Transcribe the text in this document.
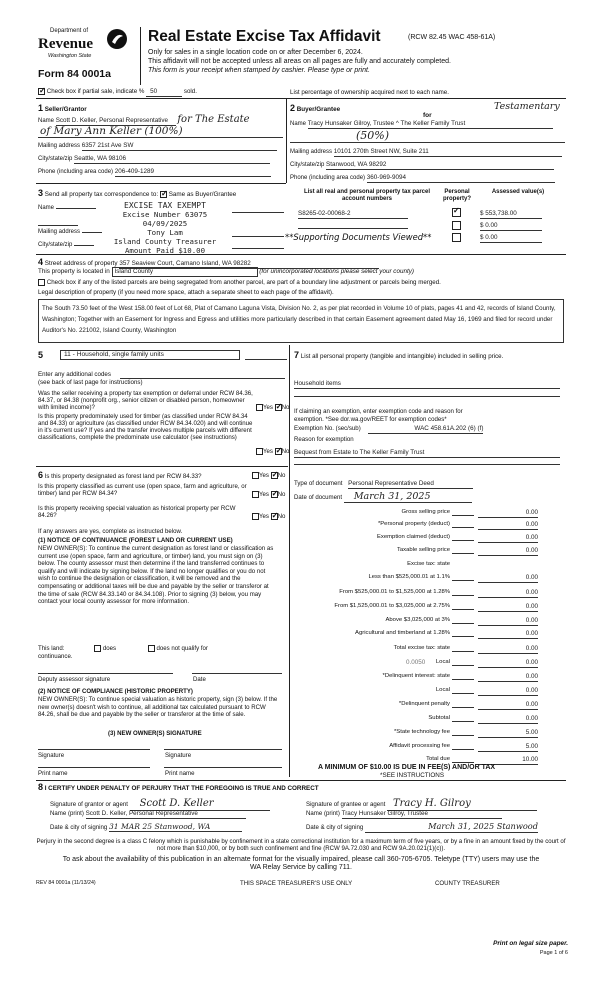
Department of
Revenue
Washington State
Form 84 0001a
Real Estate Excise Tax Affidavit	(RCW 82.45 WAC 458-61A)
Only for sales in a single location code on or after December 6, 2024.
This affidavit will not be accepted unless all areas on all pages are fully and accurately completed.
This form is your receipt when stamped by cashier. Please type or print.
✓ Check box if partial sale, indicate % 50	sold.	List percentage of ownership acquired next to each name.
1 Seller/Grantor
Name Scott D. Keller, Personal Representative for The Estate
of Mary Ann Keller (100%)
Mailing address 6357 21st Ave SW
City/state/zip Seattle, WA 98106
Phone (including area code) 206-409-1289
2 Buyer/Grantee	Testamentary
for
Name Tracy Hunsaker Gilroy, Trustee ^ The Keller Family Trust
(50%)
Mailing address 10101 270th Street NW, Suite 211
City/state/zip Stanwood, WA 98292
Phone (including area code) 360-969-9094
3 Send all property tax correspondence to: ✓ Same as Buyer/Grantee
Name
Mailing address
City/state/zip
EXCISE TAX EXEMPT
Excise Number 63075
04/09/2025
Tony Lam
Island County Treasurer
Amount Paid $10.00
**Supporting Documents Viewed**
List all real and personal property tax parcel account numbers
Personal property?
Assessed value(s)
S8265-02-00068-2 ✓	$ 553,738.00
$ 0.00
$ 0.00
4 Street address of property 357 Seaview Court, Camano Island, WA 98282
This property is located in Island County	(for unincorporated locations please select your county)
Check box if any of the listed parcels are being segregated from another parcel, are part of a boundary line adjustment or parcels being merged.
Legal description of property (if you need more space, attach a separate sheet to each page of the affidavit).
The South 73.50 feet of the West 158.00 feet of Lot 68, Plat of Camano Laguna Vista, Division No. 2, as per plat recorded in Volume 10 of plats, pages 41 and 42, records of Island County, Washington; Together with an Easement for Ingress and Egress and utilities more particularly described in that certain Easement agreement dated May 16, 1969 and filed for record under Auditor's No. 221002, Island County, Washington
5	11 - Household, single family units
Enter any additional codes
(see back of last page for instructions)
Was the seller receiving a property tax exemption or deferral under RCW 84.36, 84.37, or 84.38 (nonprofit org., senior citizen or disabled person, homeowner with limited income)?	Yes ✓ No
Is this property predominately used for timber (as classified under RCW 84.34 and 84.33) or agriculture (as classified under RCW 84.34.020) and will continue in it's current use? If yes and the transfer involves multiple parcels with different classifications, complete the predominate use calculator (see instructions)
Yes ✓ No
6 Is this property designated as forest land per RCW 84.33?	Yes ✓ No
Is this property classified as current use (open space, farm and agriculture, or timber) land per RCW 84.34?	Yes ✓ No
Is this property receiving special valuation as historical property per RCW 84.26?	Yes ✓ No
If any answers are yes, complete as instructed below.
(1) NOTICE OF CONTINUANCE (FOREST LAND OR CURRENT USE)
NEW OWNER(S): To continue the current designation as forest land or classification as current use (open space, farm and agriculture, or timber) land, you must sign on (3) below. The county assessor must then determine if the land transferred continues to qualify and will indicate by signing below. If the land no longer qualifies or you do not wish to continue the designation or classification, it will be removed and the compensating or additional taxes will be due and payable by the seller or transferor at the time of sale (RCW 84.33.140 or 84.34.108). Prior to signing (3) below, you may contact your local county assessor for more information.
This land:	does	does not qualify for
continuance.
Deputy assessor signature	Date
(2) NOTICE OF COMPLIANCE (HISTORIC PROPERTY)
NEW OWNER(S): To continue special valuation as historic property, sign (3) below. If the new owner(s) doesn't wish to continue, all additional tax calculated pursuant to RCW 84.26, shall be due and payable by the seller or transferor at the time of sale.
(3) NEW OWNER(S) SIGNATURE
Signature	Signature
Print name	Print name
7 List all personal property (tangible and intangible) included in selling price.
Household items
If claiming an exemption, enter exemption code and reason for exemption. *See dor.wa.gov/REET for exemption codes*
Exemption No. (sec/sub)	WAC 458.61A.202 (6) (f)
Reason for exemption
Bequest from Estate to The Keller Family Trust
Type of document Personal Representative Deed
Date of document March 31, 2025
Gross selling price	0.00
*Personal property (deduct)	0.00
Exemption claimed (deduct)	0.00
Taxable selling price	0.00
Excise tax: state
Less than $525,000.01 at 1.1%	0.00
From $525,000.01 to $1,525,000 at 1.28%	0.00
From $1,525,000.01 to $3,025,000 at 2.75%	0.00
Above $3,025,000 at 3%	0.00
Agricultural and timberland at 1.28%	0.00
Total excise tax: state	0.00
Local	0.00
*Delinquent interest: state	0.00
Local	0.00
*Delinquent penalty	0.00
Subtotal	0.00
*State technology fee	5.00
Affidavit processing fee	5.00
Total due	10.00
0.0050
A MINIMUM OF $10.00 IS DUE IN FEE(S) AND/OR TAX
*SEE INSTRUCTIONS
8 I CERTIFY UNDER PENALTY OF PERJURY THAT THE FOREGOING IS TRUE AND CORRECT
Signature of grantor or agent Scott D. Keller
Name (print) Scott D. Keller, Personal Representative
Date & city of signing 31 MAR 25 Stanwood, WA
Signature of grantee or agent Tracy H. Gilroy
Name (print) Tracy Hunsaker Gilroy, Trustee
Date & city of signing	March 31, 2025 Stanwood
Perjury in the second degree is a class C felony which is punishable by confinement in a state correctional institution for a maximum term of five years, or by a fine in an amount fixed by the court of not more than $10,000, or by both such confinement and fine (RCW 9A.72.030 and RCW 9A.20.021(1)(c)).
To ask about the availability of this publication in an alternate format for the visually impaired, please call 360-705-6705. Teletype (TTY) users may use the WA Relay Service by calling 711.
REV 84 0001a (11/13/24)	THIS SPACE TREASURER'S USE ONLY	COUNTY TREASURER
Print on legal size paper.
Page 1 of 6
